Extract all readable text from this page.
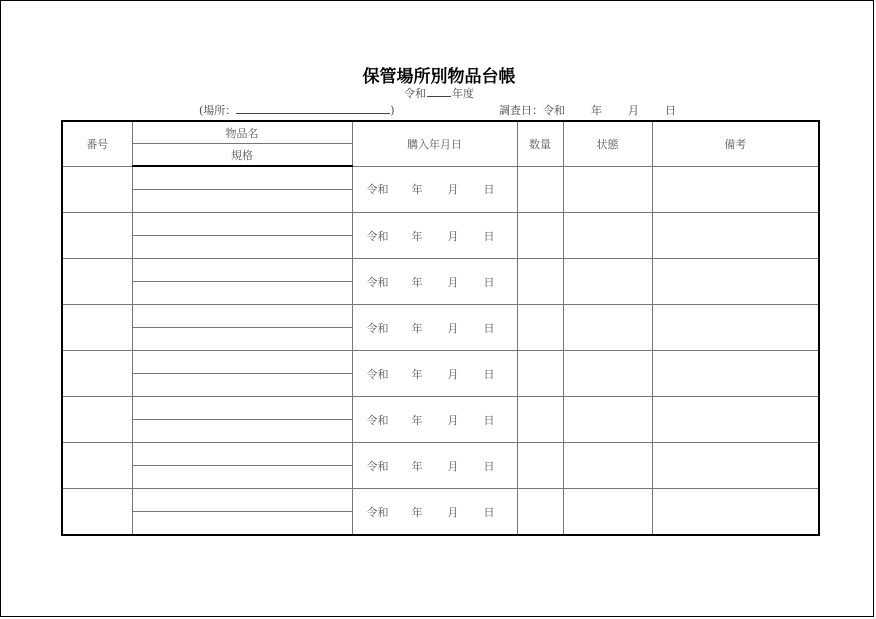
保管場所別物品台帳
令和 年度
(場所：	)	調査日：令和 年 月 日
番号	物品名	購入年月日	数量	状態	備考
	規格				
		令和 年 月 日			

		令和 年 月 日			

		令和 年 月 日			

		令和 年 月 日			

		令和 年 月 日			

		令和 年 月 日			

		令和 年 月 日			

		令和 年 月 日			
